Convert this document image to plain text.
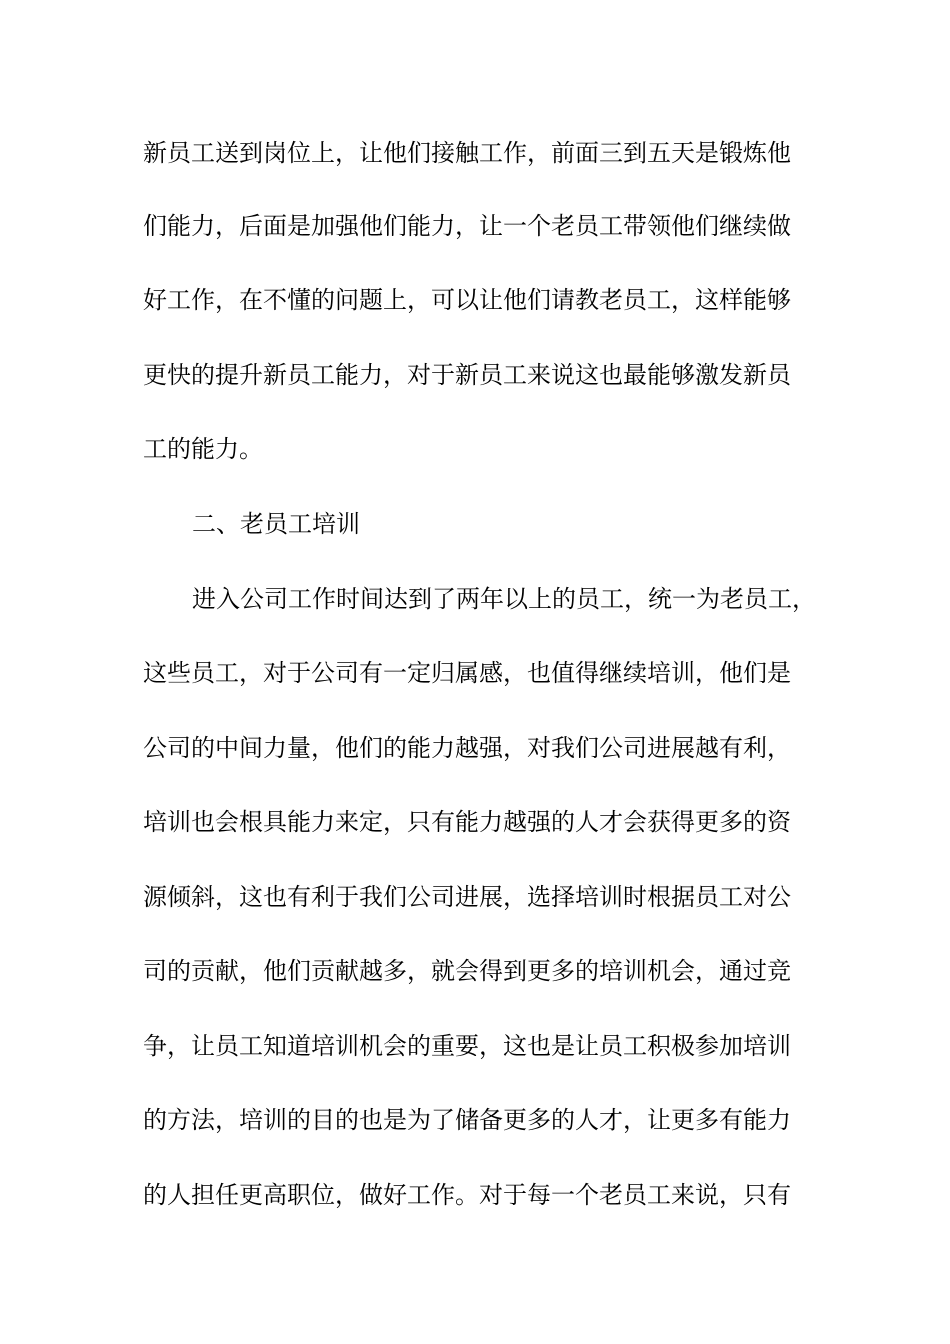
新员工送到岗位上，让他们接触工作，前面三到五天是锻炼他
们能力，后面是加强他们能力，让一个老员工带领他们继续做
好工作，在不懂的问题上，可以让他们请教老员工，这样能够
更快的提升新员工能力，对于新员工来说这也最能够激发新员
工的能力。
二、老员工培训
进入公司工作时间达到了两年以上的员工，统一为老员工，
这些员工，对于公司有一定归属感，也值得继续培训，他们是
公司的中间力量，他们的能力越强，对我们公司进展越有利，
培训也会根具能力来定，只有能力越强的人才会获得更多的资
源倾斜，这也有利于我们公司进展，选择培训时根据员工对公
司的贡献，他们贡献越多，就会得到更多的培训机会，通过竞
争，让员工知道培训机会的重要，这也是让员工积极参加培训
的方法，培训的目的也是为了储备更多的人才，让更多有能力
的人担任更高职位，做好工作。对于每一个老员工来说，只有
